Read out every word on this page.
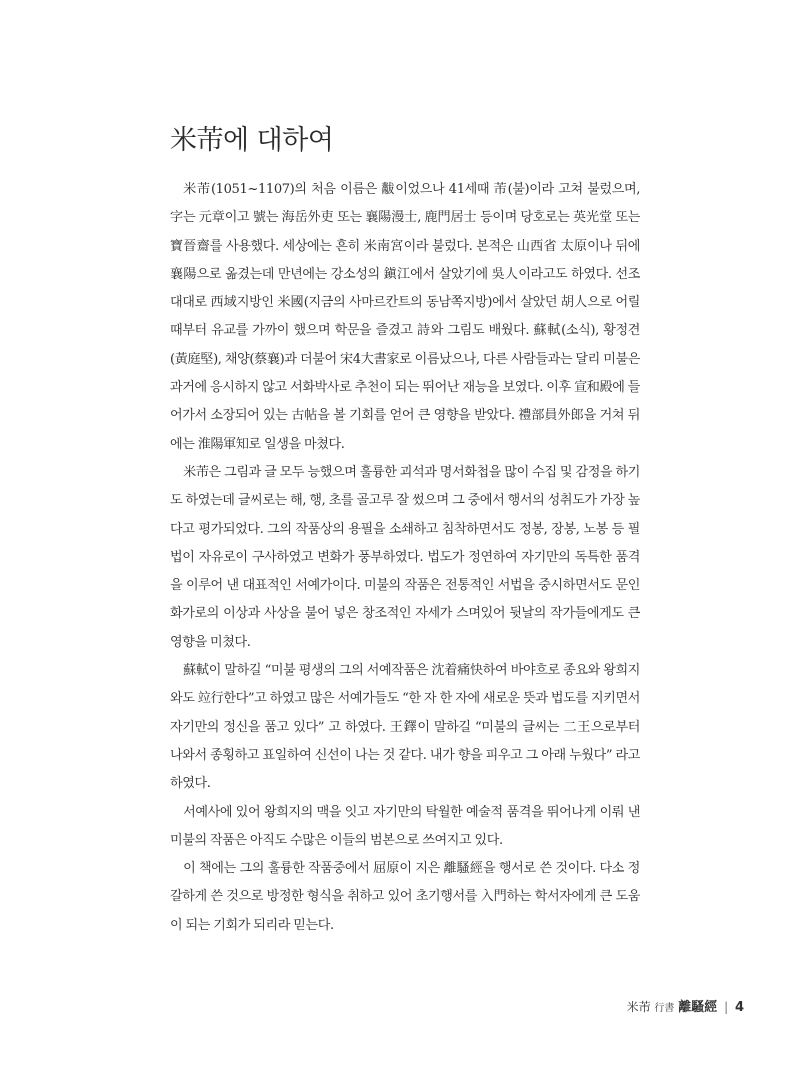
米芾에 대하여

米芾(1051~1107)의 처음 이름은 黻이었으나 41세때 芾(불)이라 고쳐 불렀으며, 字는 元章이고 號는 海岳外吏 또는 襄陽漫士, 鹿門居士 등이며 당호로는 英光堂 또는 寶晉齋를 사용했다. 세상에는 흔히 米南宮이라 불렀다. 본적은 山西省 太原이나 뒤에 襄陽으로 옮겼는데 만년에는 강소성의 鎭江에서 살았기에 吳人이라고도 하였다. 선조 대대로 西域지방인 米國(지금의 사마르칸트의 동남쪽지방)에서 살았던 胡人으로 어릴때부터 유교를 가까이 했으며 학문을 즐겼고 詩와 그림도 배웠다. 蘇軾(소식), 황정견(黃庭堅), 채양(蔡襄)과 더불어 宋4大書家로 이름났으나, 다른 사람들과는 달리 미불은 과거에 응시하지 않고 서화박사로 추천이 되는 뛰어난 재능을 보였다. 이후 宣和殿에 들어가서 소장되어 있는 古帖을 볼 기회를 얻어 큰 영향을 받았다. 禮部員外郎을 거쳐 뒤에는 淮陽軍知로 일생을 마쳤다.

米芾은 그림과 글 모두 능했으며 훌륭한 괴석과 명서화첩을 많이 수집 및 감정을 하기도 하였는데 글씨로는 해, 행, 초를 골고루 잘 썼으며 그 중에서 행서의 성취도가 가장 높다고 평가되었다. 그의 작품상의 용필을 소쇄하고 침착하면서도 정봉, 장봉, 노봉 등 필법이 자유로이 구사하였고 변화가 풍부하였다. 법도가 정연하여 자기만의 독특한 품격을 이루어 낸 대표적인 서예가이다. 미불의 작품은 전통적인 서법을 중시하면서도 문인화가로의 이상과 사상을 불어 넣은 창조적인 자세가 스며있어 뒷날의 작가들에게도 큰 영향을 미쳤다.

蘇軾이 말하길 “미불 평생의 그의 서예작품은 沈着痛快하여 바야흐로 종요와 왕희지와도 竝行한다”고 하였고 많은 서예가들도 “한 자 한 자에 새로운 뜻과 법도를 지키면서 자기만의 정신을 품고 있다” 고 하였다. 王鐸이 말하길 “미불의 글씨는 二王으로부터 나와서 종횡하고 표일하여 신선이 나는 것 같다. 내가 향을 피우고 그 아래 누웠다” 라고 하였다.

서예사에 있어 왕희지의 맥을 잇고 자기만의 탁월한 예술적 품격을 뛰어나게 이뤄 낸 미불의 작품은 아직도 수많은 이들의 범본으로 쓰여지고 있다.

이 책에는 그의 훌륭한 작품중에서 屈原이 지은 離騷經을 행서로 쓴 것이다. 다소 정갈하게 쓴 것으로 방정한 형식을 취하고 있어 초기행서를 入門하는 학서자에게 큰 도움이 되는 기회가 되리라 믿는다.

米芾 行書 離騷經 | 4
